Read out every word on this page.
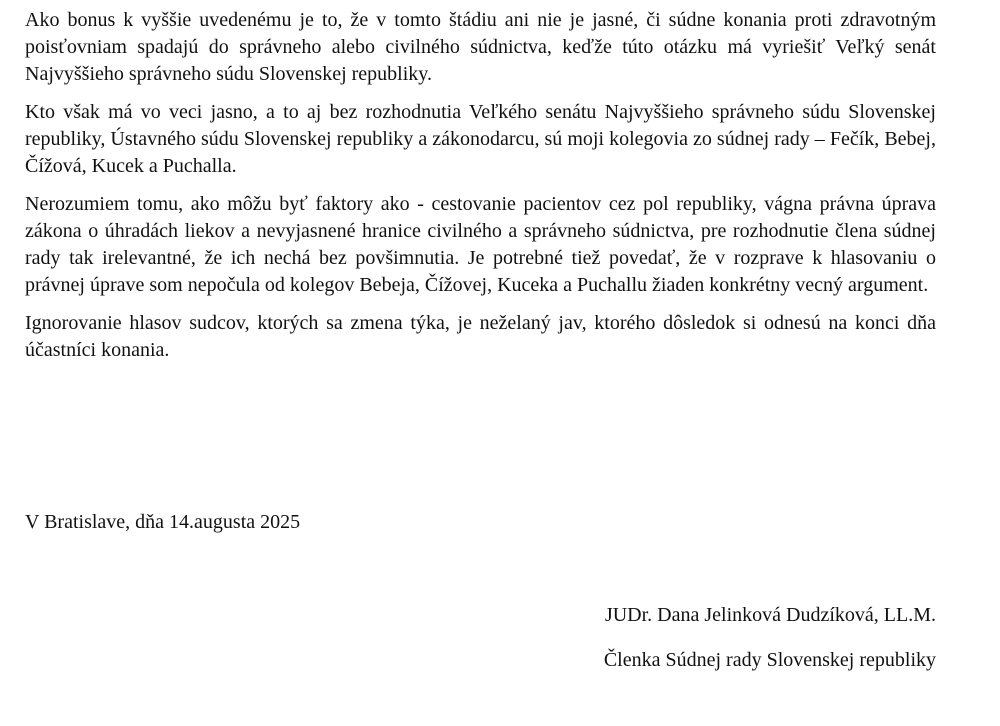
Ako bonus k vyššie uvedenému je to, že v tomto štádiu ani nie je jasné, či súdne konania proti zdravotným poisťovniam spadajú do správneho alebo civilného súdnictva, keďže túto otázku má vyriešiť Veľký senát Najvyššieho správneho súdu Slovenskej republiky.

Kto však má vo veci jasno, a to aj bez rozhodnutia Veľkého senátu Najvyššieho správneho súdu Slovenskej republiky, Ústavného súdu Slovenskej republiky a zákonodarcu, sú moji kolegovia zo súdnej rady – Fečík, Bebej, Čížová, Kucek a Puchalla.

Nerozumiem tomu, ako môžu byť faktory ako - cestovanie pacientov cez pol republiky, vágna právna úprava zákona o úhradách liekov a nevyjasnené hranice civilného a správneho súdnictva, pre rozhodnutie člena súdnej rady tak irelevantné, že ich nechá bez povšimnutia. Je potrebné tiež povedať, že v rozprave k hlasovaniu o právnej úprave som nepočula od kolegov Bebeja, Čížovej, Kuceka a Puchallu žiaden konkrétny vecný argument.

Ignorovanie hlasov sudcov, ktorých sa zmena týka, je neželaný jav, ktorého dôsledok si odnesú na konci dňa účastníci konania.

V Bratislave, dňa 14.augusta 2025

JUDr. Dana Jelinková Dudzíková, LL.M.

Členka Súdnej rady Slovenskej republiky
